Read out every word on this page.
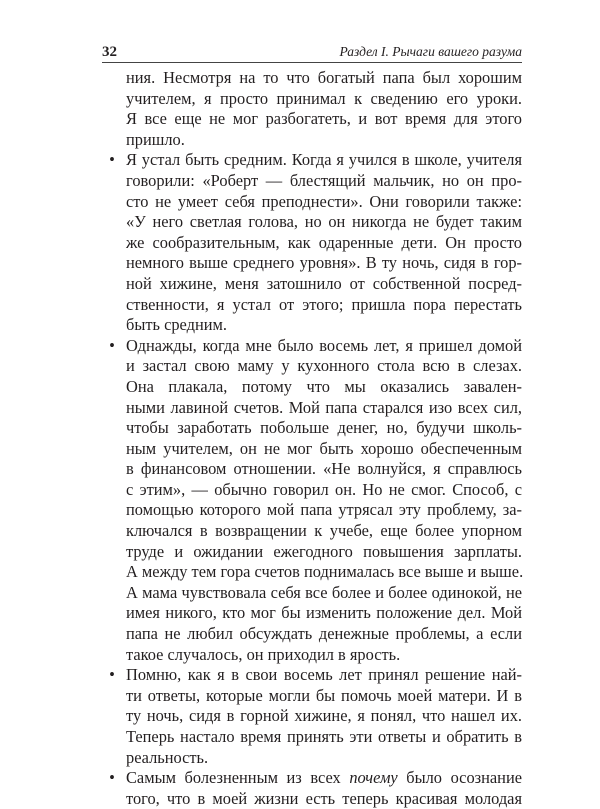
32	Раздел I. Рычаги вашего разума
ния. Несмотря на то что богатый папа был хорошим
учителем, я просто принимал к сведению его уроки.
Я все еще не мог разбогатеть, и вот время для этого
пришло.
• Я устал быть средним. Когда я учился в школе, учителя
говорили: «Роберт — блестящий мальчик, но он про-
сто не умеет себя преподнести». Они говорили также:
«У него светлая голова, но он никогда не будет таким
же сообразительным, как одаренные дети. Он просто
немного выше среднего уровня». В ту ночь, сидя в гор-
ной хижине, меня затошнило от собственной посред-
ственности, я устал от этого; пришла пора перестать
быть средним.
• Однажды, когда мне было восемь лет, я пришел домой
и застал свою маму у кухонного стола всю в слезах.
Она плакала, потому что мы оказались завален-
ными лавиной счетов. Мой папа старался изо всех сил,
чтобы заработать побольше денег, но, будучи школь-
ным учителем, он не мог быть хорошо обеспеченным
в финансовом отношении. «Не волнуйся, я справлюсь
с этим», — обычно говорил он. Но не смог. Способ, с
помощью которого мой папа утрясал эту проблему, за-
ключался в возвращении к учебе, еще более упорном
труде и ожидании ежегодного повышения зарплаты.
А между тем гора счетов поднималась все выше и выше.
А мама чувствовала себя все более и более одинокой, не
имея никого, кто мог бы изменить положение дел. Мой
папа не любил обсуждать денежные проблемы, а если
такое случалось, он приходил в ярость.
• Помню, как я в свои восемь лет принял решение най-
ти ответы, которые могли бы помочь моей матери. И в
ту ночь, сидя в горной хижине, я понял, что нашел их.
Теперь настало время принять эти ответы и обратить в
реальность.
• Самым болезненным из всех почему было осознание
того, что в моей жизни есть теперь красивая молодая
